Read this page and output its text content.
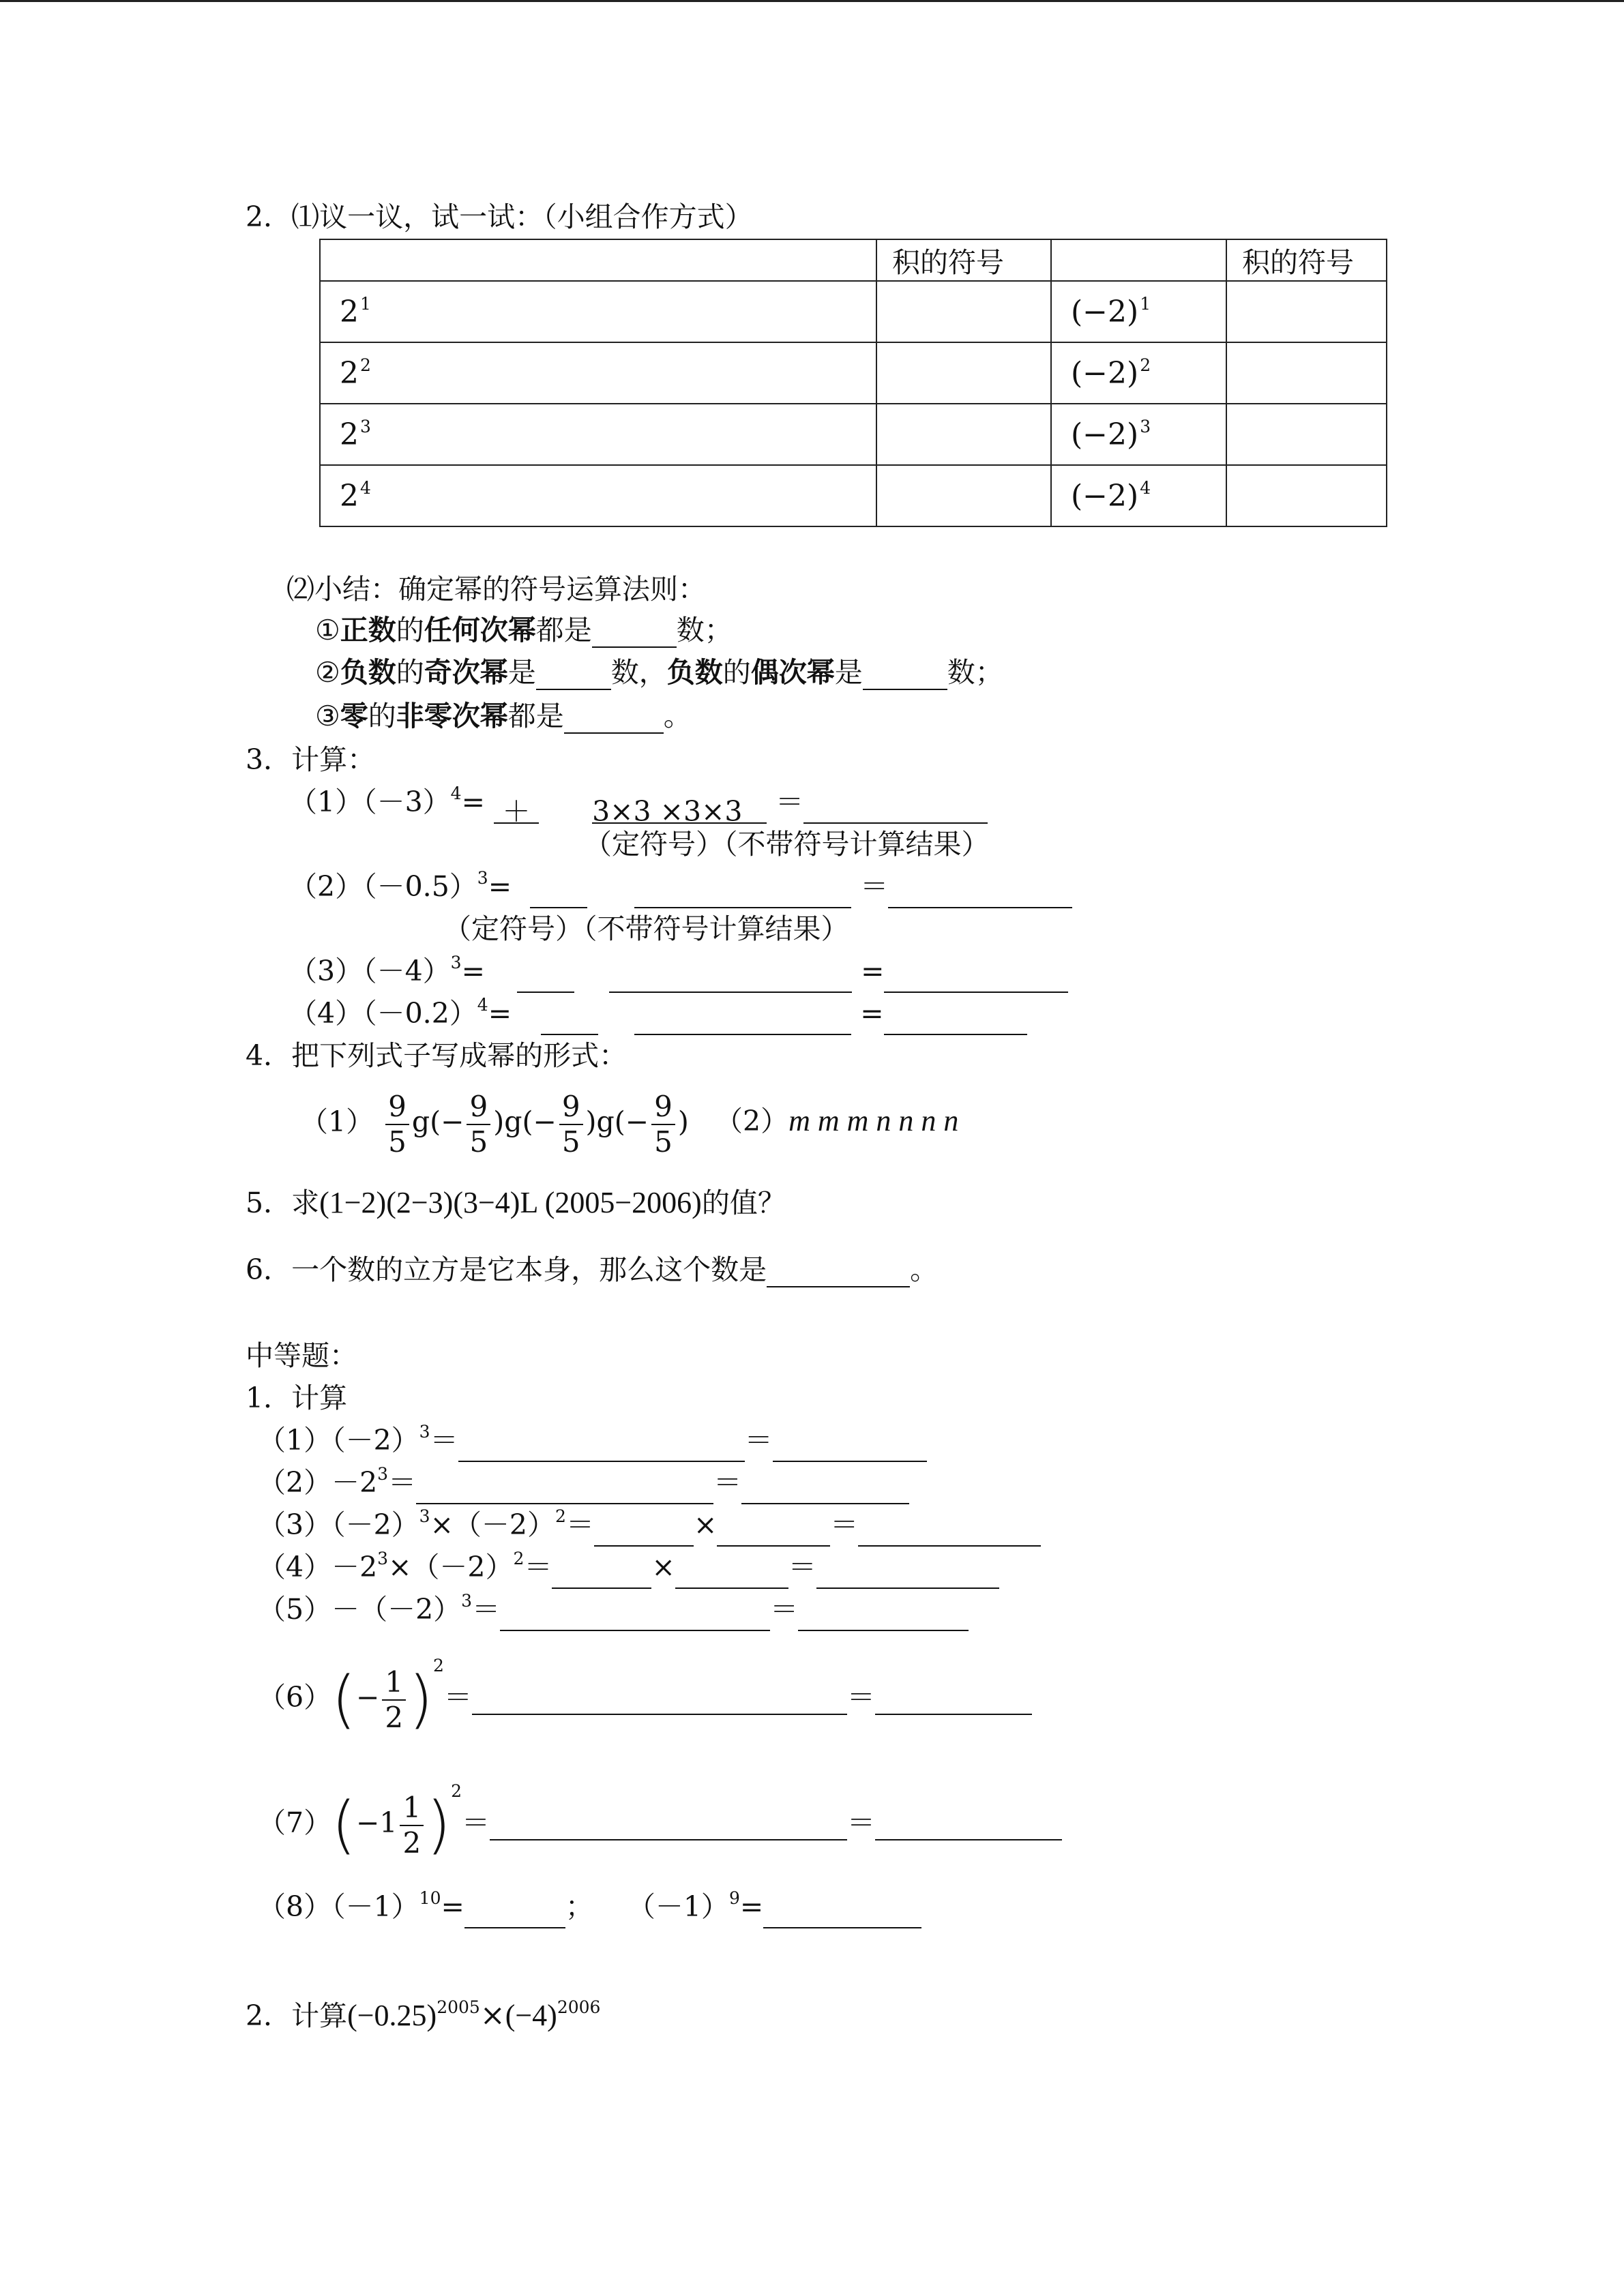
2．⑴议一议，试一试：（小组合作方式）
	积的符号		积的符号
$2^1$		$(-2)^1$	
$2^2$		$(-2)^2$	
$2^3$		$(-2)^3$	
$2^4$		$(-2)^4$	
⑵小结：确定幂的符号运算法则：
①正数的任何次幂都是	数；
②负数的奇次幂是	数，负数的偶次幂是	数；
③零的非零次幂都是	。
3．计算：
$(1)(-3)^4= + 3\times 3 \times 3\times 3$ ＝
（定符号）（不带符号计算结果）
$(2)(-0.5)^3=$	＝
（定符号）（不带符号计算结果）
$(3)(-4)^3=$	=
$(4)(-0.2)^4=$	=
4．把下列式子写成幂的形式：
$(1) \frac{9}{5} g(- \frac{9}{5} )g(- \frac{9}{5} )g(- \frac{9}{5}$ ) （2）m m m n n n n
5．求(1−2)(2−3)(3−4)L (2005−2006)的值？
6．一个数的立方是它本身，那么这个数是	。
中等题：
1．计算
$(1)(-2)^3=$	＝
$(2)-2^3=$	＝
$(3)(-2)^3\times(-2)^2=$	×	＝
$(4)-2^3\times(-2)^2=$	×	＝
$(5)-(-2)^3=$	＝
$(6)(- \frac{1}{2} )^2=$	＝
$(7)(-1 \frac{1}{2} )^2=$	＝
$(8)(-1)^{10}=$	； $(-1)^9=$
2．计算$(-0.25)^{2005}\times(-4)^{2006}$
